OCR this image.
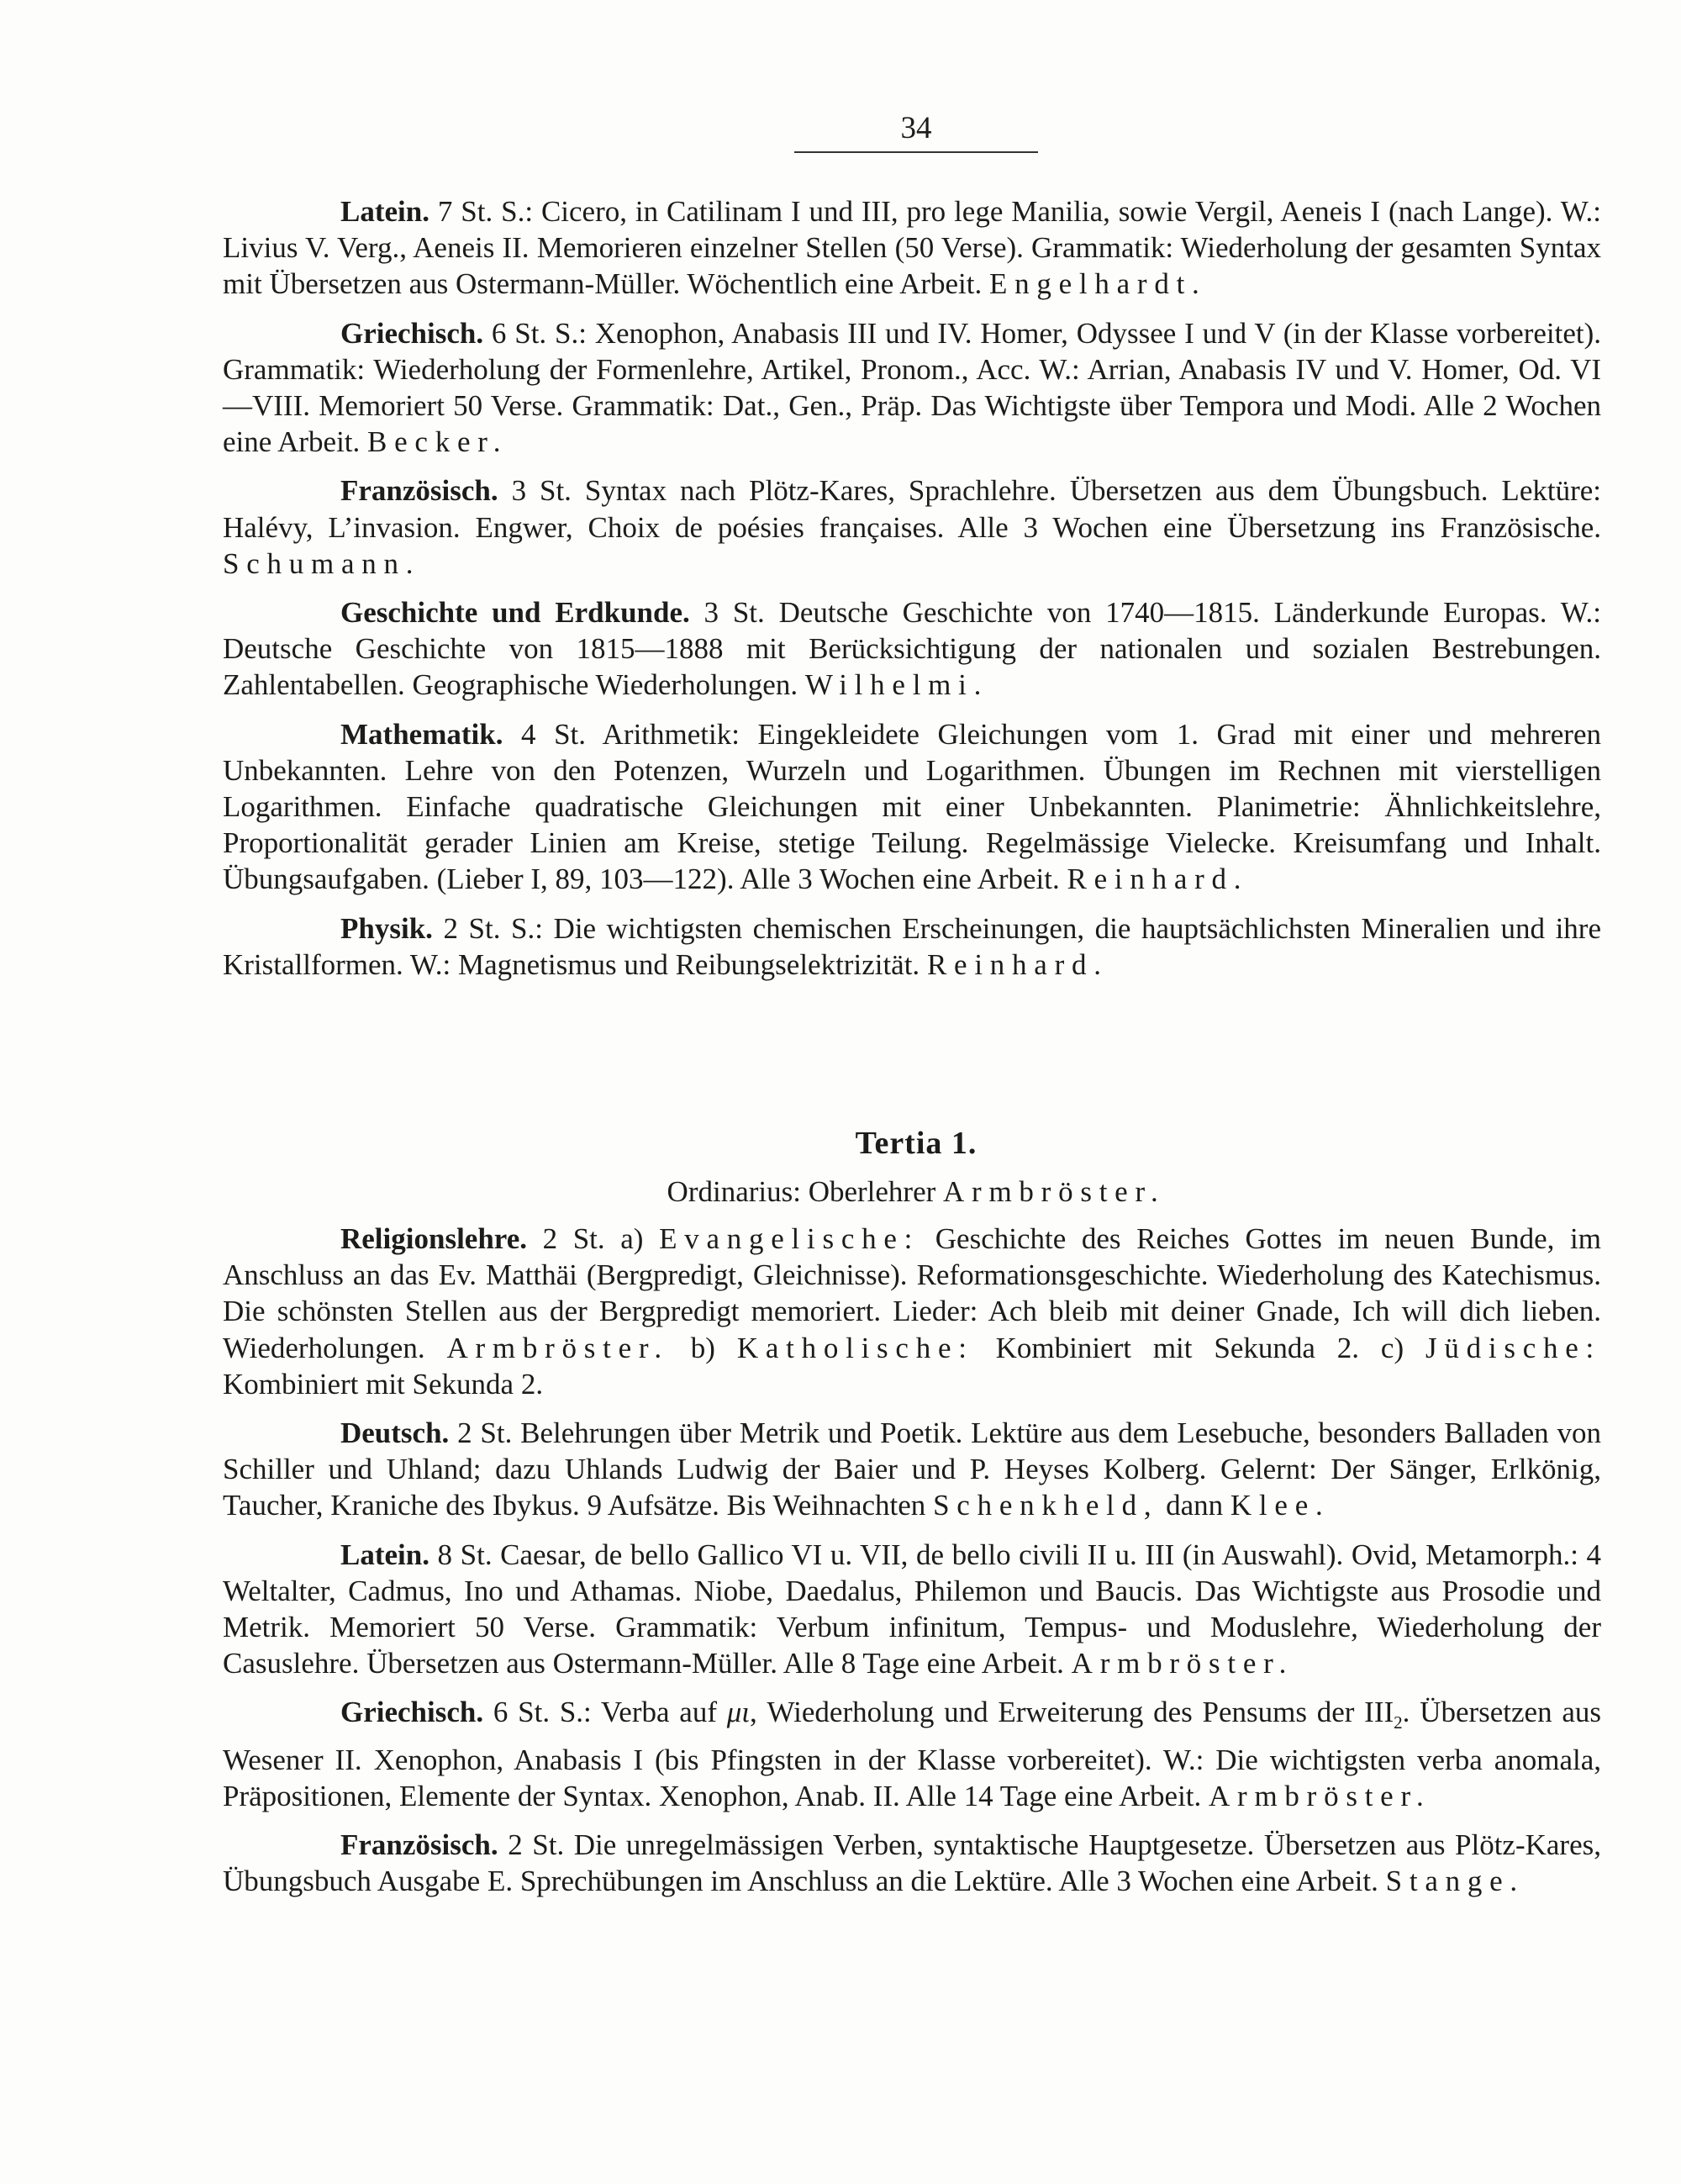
34

Latein. 7 St. S.: Cicero, in Catilinam I und III, pro lege Manilia, sowie Vergil, Aeneis I (nach Lange). W.: Livius V. Verg., Aeneis II. Memorieren einzelner Stellen (50 Verse). Grammatik: Wiederholung der gesamten Syntax mit Übersetzen aus Ostermann-Müller. Wöchentlich eine Arbeit. Engelhardt.

Griechisch. 6 St. S.: Xenophon, Anabasis III und IV. Homer, Odyssee I und V (in der Klasse vorbereitet). Grammatik: Wiederholung der Formenlehre, Artikel, Pronom., Acc. W.: Arrian, Anabasis IV und V. Homer, Od. VI—VIII. Memoriert 50 Verse. Grammatik: Dat., Gen., Präp. Das Wichtigste über Tempora und Modi. Alle 2 Wochen eine Arbeit. Becker.

Französisch. 3 St. Syntax nach Plötz-Kares, Sprachlehre. Übersetzen aus dem Übungsbuch. Lektüre: Halévy, L’invasion. Engwer, Choix de poésies françaises. Alle 3 Wochen eine Übersetzung ins Französische. Schumann.

Geschichte und Erdkunde. 3 St. Deutsche Geschichte von 1740—1815. Länderkunde Europas. W.: Deutsche Geschichte von 1815—1888 mit Berücksichtigung der nationalen und sozialen Bestrebungen. Zahlentabellen. Geographische Wiederholungen. Wilhelmi.

Mathematik. 4 St. Arithmetik: Eingekleidete Gleichungen vom 1. Grad mit einer und mehreren Unbekannten. Lehre von den Potenzen, Wurzeln und Logarithmen. Übungen im Rechnen mit vierstelligen Logarithmen. Einfache quadratische Gleichungen mit einer Unbekannten. Planimetrie: Ähnlichkeitslehre, Proportionalität gerader Linien am Kreise, stetige Teilung. Regelmässige Vielecke. Kreisumfang und Inhalt. Übungsaufgaben. (Lieber I, 89, 103—122). Alle 3 Wochen eine Arbeit. Reinhard.

Physik. 2 St. S.: Die wichtigsten chemischen Erscheinungen, die hauptsächlichsten Mineralien und ihre Kristallformen. W.: Magnetismus und Reibungselektrizität. Reinhard.

Tertia 1.
Ordinarius: Oberlehrer Armbröster.

Religionslehre. 2 St. a) Evangelische: Geschichte des Reiches Gottes im neuen Bunde, im Anschluss an das Ev. Matthäi (Bergpredigt, Gleichnisse). Reformationsgeschichte. Wiederholung des Katechismus. Die schönsten Stellen aus der Bergpredigt memoriert. Lieder: Ach bleib mit deiner Gnade, Ich will dich lieben. Wiederholungen. Armbröster. b) Katholische: Kombiniert mit Sekunda 2. c) Jüdische: Kombiniert mit Sekunda 2.

Deutsch. 2 St. Belehrungen über Metrik und Poetik. Lektüre aus dem Lesebuche, besonders Balladen von Schiller und Uhland; dazu Uhlands Ludwig der Baier und P. Heyses Kolberg. Gelernt: Der Sänger, Erlkönig, Taucher, Kraniche des Ibykus. 9 Aufsätze. Bis Weihnachten Schenkheld, dann Klee.

Latein. 8 St. Caesar, de bello Gallico VI u. VII, de bello civili II u. III (in Auswahl). Ovid, Metamorph.: 4 Weltalter, Cadmus, Ino und Athamas. Niobe, Daedalus, Philemon und Baucis. Das Wichtigste aus Prosodie und Metrik. Memoriert 50 Verse. Grammatik: Verbum infinitum, Tempus- und Moduslehre, Wiederholung der Casuslehre. Übersetzen aus Ostermann-Müller. Alle 8 Tage eine Arbeit. Armbröster.

Griechisch. 6 St. S.: Verba auf μι, Wiederholung und Erweiterung des Pensums der $III_2$. Übersetzen aus Wesener II. Xenophon, Anabasis I (bis Pfingsten in der Klasse vorbereitet). W.: Die wichtigsten verba anomala, Präpositionen, Elemente der Syntax. Xenophon, Anab. II. Alle 14 Tage eine Arbeit. Armbröster.

Französisch. 2 St. Die unregelmässigen Verben, syntaktische Hauptgesetze. Übersetzen aus Plötz-Kares, Übungsbuch Ausgabe E. Sprechübungen im Anschluss an die Lektüre. Alle 3 Wochen eine Arbeit. Stange.
